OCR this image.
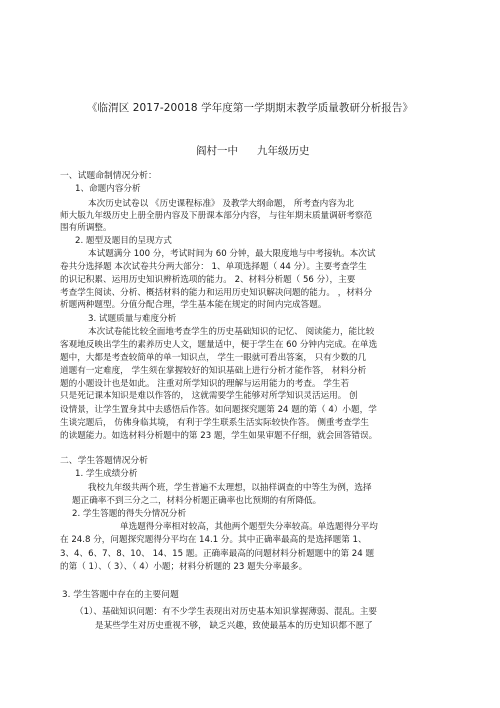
《临渭区 2017-20018 学年度第一学期期末教学质量教研分析报告》
阎村一中 九年级历史
一、试题命制情况分析：
1、命题内容分析
本次历史试卷以 《历史课程标准》 及教学大纲命题， 所考查内容为北
师大版九年级历史上册全册内容及下册课本部分内容， 与往年期末质量调研考察范
围有所调整。
2. 题型及题目的呈现方式
本试题满分 100 分，考试时间为 60 分钟，最大限度地与中考接轨。本次试
卷共分选择题 本次试卷共分两大部分： 1、单项选择题（ 44 分）。主要考查学生
的识记积累、运用历史知识辨析选项的能力。 2、材料分析题（ 56 分），主要
考查学生阅读、分析、概括材料的能力和运用历史知识解决问题的能力。 ，材料分
析题两种题型。分值分配合理，学生基本能在规定的时间内完成答题。
3. 试题质量与难度分析
本次试卷能比较全面地考查学生的历史基础知识的记忆、 阅读能力，能比较
客观地反映出学生的素养历史人文，题量适中，便于学生在 60 分钟内完成。在单选
题中，大都是考查较简单的单一知识点， 学生一眼就可看出答案， 只有少数的几
道题有一定难度， 学生须在掌握较好的知识基础上进行分析才能作答， 材料分析
题的小题设计也是如此。 注重对所学知识的理解与运用能力的考查。 学生若
只是死记课本知识是难以作答的， 这就需要学生能够对所学知识灵活运用。 创
设情景，让学生置身其中去感悟后作答。如问题探究题第 24 题的第（ 4）小题，学
生谈完题后， 仿佛身临其境， 有利于学生联系生活实际较快作答。 侧重考查学生
的读题能力。如选材料分析题中的第 23 题，学生如果审题不仔细，就会回答错误。
二、学生答题情况分析
1. 学生成绩分析
我校九年级共两个班，学生普遍不太理想，以抽样调查的中等生为例，选择
题正确率不到三分之二，材料分析题正确率也比预期的有所降低。
2. 学生答题的得失分情况分析
单选题得分率相对较高，其他两个题型失分率较高。单选题得分平均
在 24.8 分，问题探究题得分平均在 14.1 分。其中正确率最高的是选择题第 1、
3、4、6、7、8、10、 14、15 题。正确率最高的问题材料分析题题中的第 24 题
的第（ 1）、（ 3）、（ 4）小题；材料分析题的 23 题失分率最多。
3. 学生答题中存在的主要问题
（1）、基础知识问题：有不少学生表现出对历史基本知识掌握薄弱、混乱。主要
是某些学生对历史重视不够， 缺乏兴趣，致使最基本的历史知识都不愿了
